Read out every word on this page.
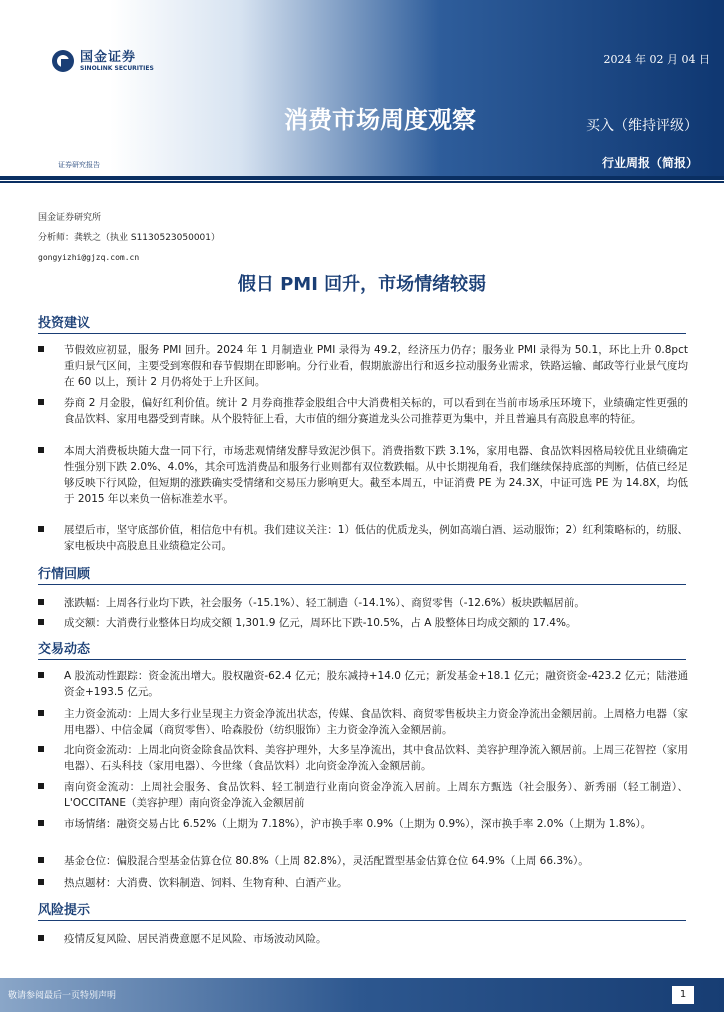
国金证券
SINOLINK SECURITIES
2024 年 02 月 04 日
消费市场周度观察	买入（维持评级）
行业周报（简报）
证券研究报告
国金证券研究所
分析师：龚轶之（执业 S1130523050001）
gongyizhi@gjzq.com.cn
假日 PMI 回升，市场情绪较弱
投资建议
节假效应初显，服务 PMI 回升。2024 年 1 月制造业 PMI 录得为 49.2，经济压力仍存；服务业 PMI 录得为 50.1，环比上升 0.8pct 重归景气区间，主要受到寒假和春节假期在即影响。分行业看，假期旅游出行和返乡拉动服务业需求，铁路运输、邮政等行业景气度均在 60 以上，预计 2 月仍将处于上升区间。
券商 2 月金股，偏好红利价值。统计 2 月券商推荐金股组合中大消费相关标的，可以看到在当前市场承压环境下，业绩确定性更强的食品饮料、家用电器受到青睐。从个股特征上看，大市值的细分赛道龙头公司推荐更为集中，并且普遍具有高股息率的特征。
本周大消费板块随大盘一同下行，市场悲观情绪发酵导致泥沙俱下。消费指数下跌 3.1%，家用电器、食品饮料因格局较优且业绩确定性强分别下跌 2.0%、4.0%，其余可选消费品和服务行业则都有双位数跌幅。从中长期视角看，我们继续保持底部的判断，估值已经足够反映下行风险，但短期的涨跌确实受情绪和交易压力影响更大。截至本周五，中证消费 PE 为 24.3X，中证可选 PE 为 14.8X，均低于 2015 年以来负一倍标准差水平。
展望后市，坚守底部价值，相信危中有机。我们建议关注：1）低估的优质龙头，例如高端白酒、运动服饰；2）红利策略标的，纺服、家电板块中高股息且业绩稳定公司。
行情回顾
涨跌幅：上周各行业均下跌，社会服务（-15.1%）、轻工制造（-14.1%）、商贸零售（-12.6%）板块跌幅居前。
成交额：大消费行业整体日均成交额 1,301.9 亿元，周环比下跌-10.5%，占 A 股整体日均成交额的 17.4%。
交易动态
A 股流动性跟踪：资金流出增大。股权融资-62.4 亿元；股东减持+14.0 亿元；新发基金+18.1 亿元；融资资金-423.2 亿元；陆港通资金+193.5 亿元。
主力资金流动：上周大多行业呈现主力资金净流出状态，传媒、食品饮料、商贸零售板块主力资金净流出金额居前。上周格力电器（家用电器）、中信金属（商贸零售）、哈森股份（纺织服饰）主力资金净流入金额居前。
北向资金流动：上周北向资金除食品饮料、美容护理外，大多呈净流出，其中食品饮料、美容护理净流入额居前。上周三花智控（家用电器）、石头科技（家用电器）、今世缘（食品饮料）北向资金净流入金额居前。
南向资金流动：上周社会服务、食品饮料、轻工制造行业南向资金净流入居前。上周东方甄选（社会服务）、新秀丽（轻工制造）、L'OCCITANE（美容护理）南向资金净流入金额居前
市场情绪：融资交易占比 6.52%（上期为 7.18%），沪市换手率 0.9%（上期为 0.9%），深市换手率 2.0%（上期为 1.8%）。
基金仓位：偏股混合型基金估算仓位 80.8%（上周 82.8%），灵活配置型基金估算仓位 64.9%（上周 66.3%）。
热点题材：大消费、饮料制造、饲料、生物育种、白酒产业。
风险提示
疫情反复风险、居民消费意愿不足风险、市场波动风险。
敬请参阅最后一页特别声明	1
